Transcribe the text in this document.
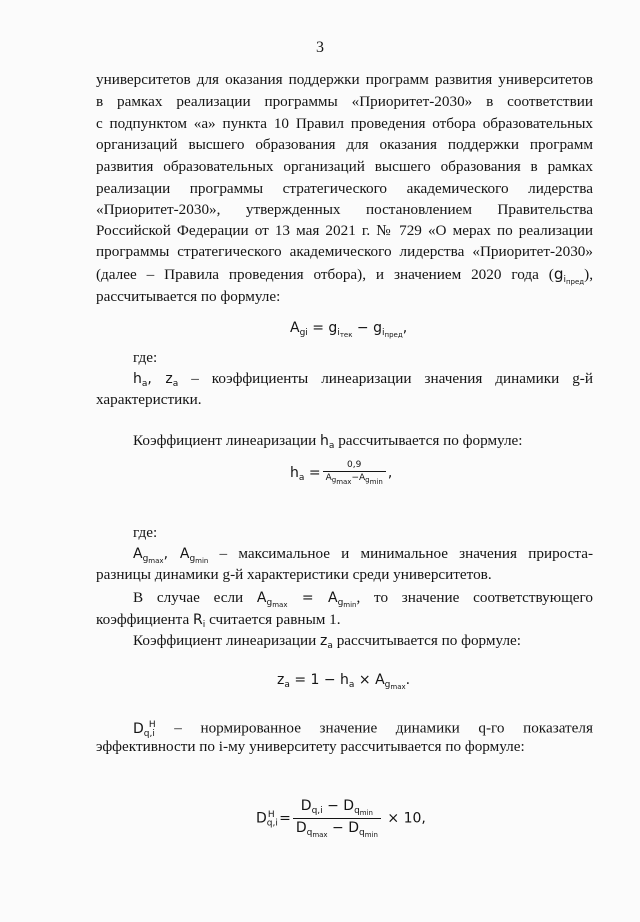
3
университетов для оказания поддержки программ развития университетов
в рамках реализации программы «Приоритет-2030» в соответствии
с подпунктом «а» пункта 10 Правил проведения отбора образовательных
организаций высшего образования для оказания поддержки программ
развития образовательных организаций высшего образования в рамках
реализации программы стратегического академического лидерства
«Приоритет-2030», утвержденных постановлением Правительства
Российской Федерации от 13 мая 2021 г. № 729 «О мерах по реализации
программы стратегического академического лидерства «Приоритет-2030»
(далее – Правила проведения отбора), и значением 2020 года $(g_{i_{пред}})$,
рассчитывается по формуле:
$A_{gi} = g_{i_{тек}} - g_{i_{пред}}$,
где:
$h_a$, $z_a$ – коэффициенты линеаризации значения динамики g-й
характеристики.
Коэффициент линеаризации $h_a$ рассчитывается по формуле:
$h_a = \frac{0,9}{A_{gmax}-A_{gmin}}$ ,
где:
$A_{g_{max}}$, $A_{g_{min}}$ – максимальное и минимальное значения прироста-
разницы динамики g-й характеристики среди университетов.
В случае если $A_{g_{max}} = A_{g_{min}}$, то значение соответствующего
коэффициента $R_i$ считается равным 1.
Коэффициент линеаризации $z_a$ рассчитывается по формуле:
$z_a = 1 - h_a \times A_{g_{max}}$.
$D_{q,i}^H$ – нормированное значение динамики q-го показателя
эффективности по i-му университету рассчитывается по формуле:
$D_{q,i}^H = \frac{D_{q,i} - D_{q_{min}}}{D_{q_{max}} - D_{q_{min}}} \times 10$,
